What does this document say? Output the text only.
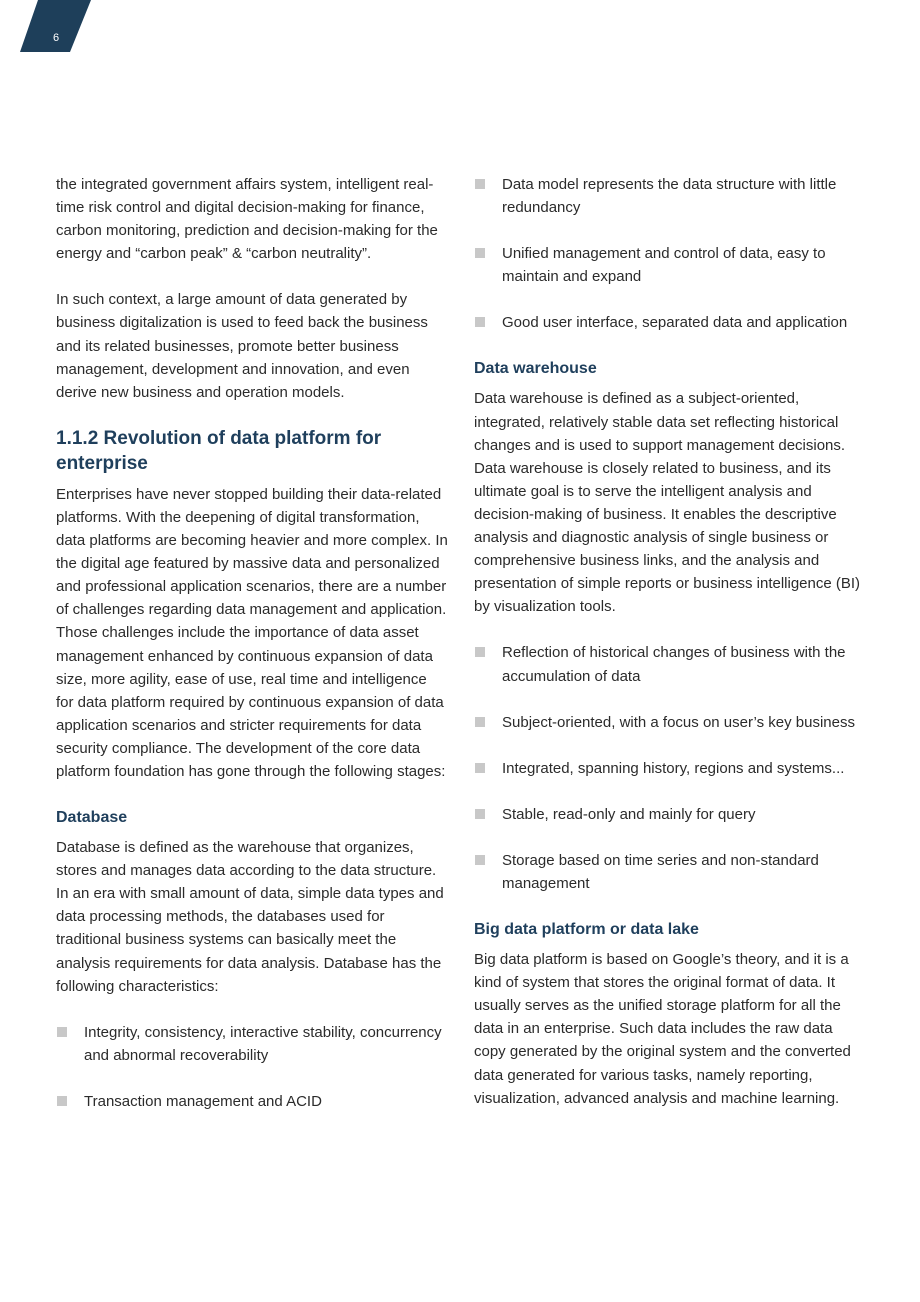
6

the integrated government affairs system, intelligent real-time risk control and digital decision-making for finance, carbon monitoring, prediction and decision-making for the energy and “carbon peak” & “carbon neutrality”.

In such context, a large amount of data generated by business digitalization is used to feed back the business and its related businesses, promote better business management, development and innovation, and even derive new business and operation models.

1.1.2 Revolution of data platform for enterprise

Enterprises have never stopped building their data-related platforms. With the deepening of digital transformation, data platforms are becoming heavier and more complex. In the digital age featured by massive data and personalized and professional application scenarios, there are a number of challenges regarding data management and application. Those challenges include the importance of data asset management enhanced by continuous expansion of data size, more agility, ease of use, real time and intelligence for data platform required by continuous expansion of data application scenarios and stricter requirements for data security compliance. The development of the core data platform foundation has gone through the following stages:

Database

Database is defined as the warehouse that organizes, stores and manages data according to the data structure. In an era with small amount of data, simple data types and data processing methods, the databases used for traditional business systems can basically meet the analysis requirements for data analysis. Database has the following characteristics:

Integrity, consistency, interactive stability, concurrency and abnormal recoverability
Transaction management and ACID
Data model represents the data structure with little redundancy
Unified management and control of data, easy to maintain and expand
Good user interface, separated data and application
Data warehouse

Data warehouse is defined as a subject-oriented, integrated, relatively stable data set reflecting historical changes and is used to support management decisions. Data warehouse is closely related to business, and its ultimate goal is to serve the intelligent analysis and decision-making of business. It enables the descriptive analysis and diagnostic analysis of single business or comprehensive business links, and the analysis and presentation of simple reports or business intelligence (BI) by visualization tools.

Reflection of historical changes of business with the accumulation of data
Subject-oriented, with a focus on user’s key business
Integrated, spanning history, regions and systems...
Stable, read-only and mainly for query
Storage based on time series and non-standard management
Big data platform or data lake

Big data platform is based on Google’s theory, and it is a kind of system that stores the original format of data. It usually serves as the unified storage platform for all the data in an enterprise. Such data includes the raw data copy generated by the original system and the converted data generated for various tasks, namely reporting, visualization, advanced analysis and machine learning.
